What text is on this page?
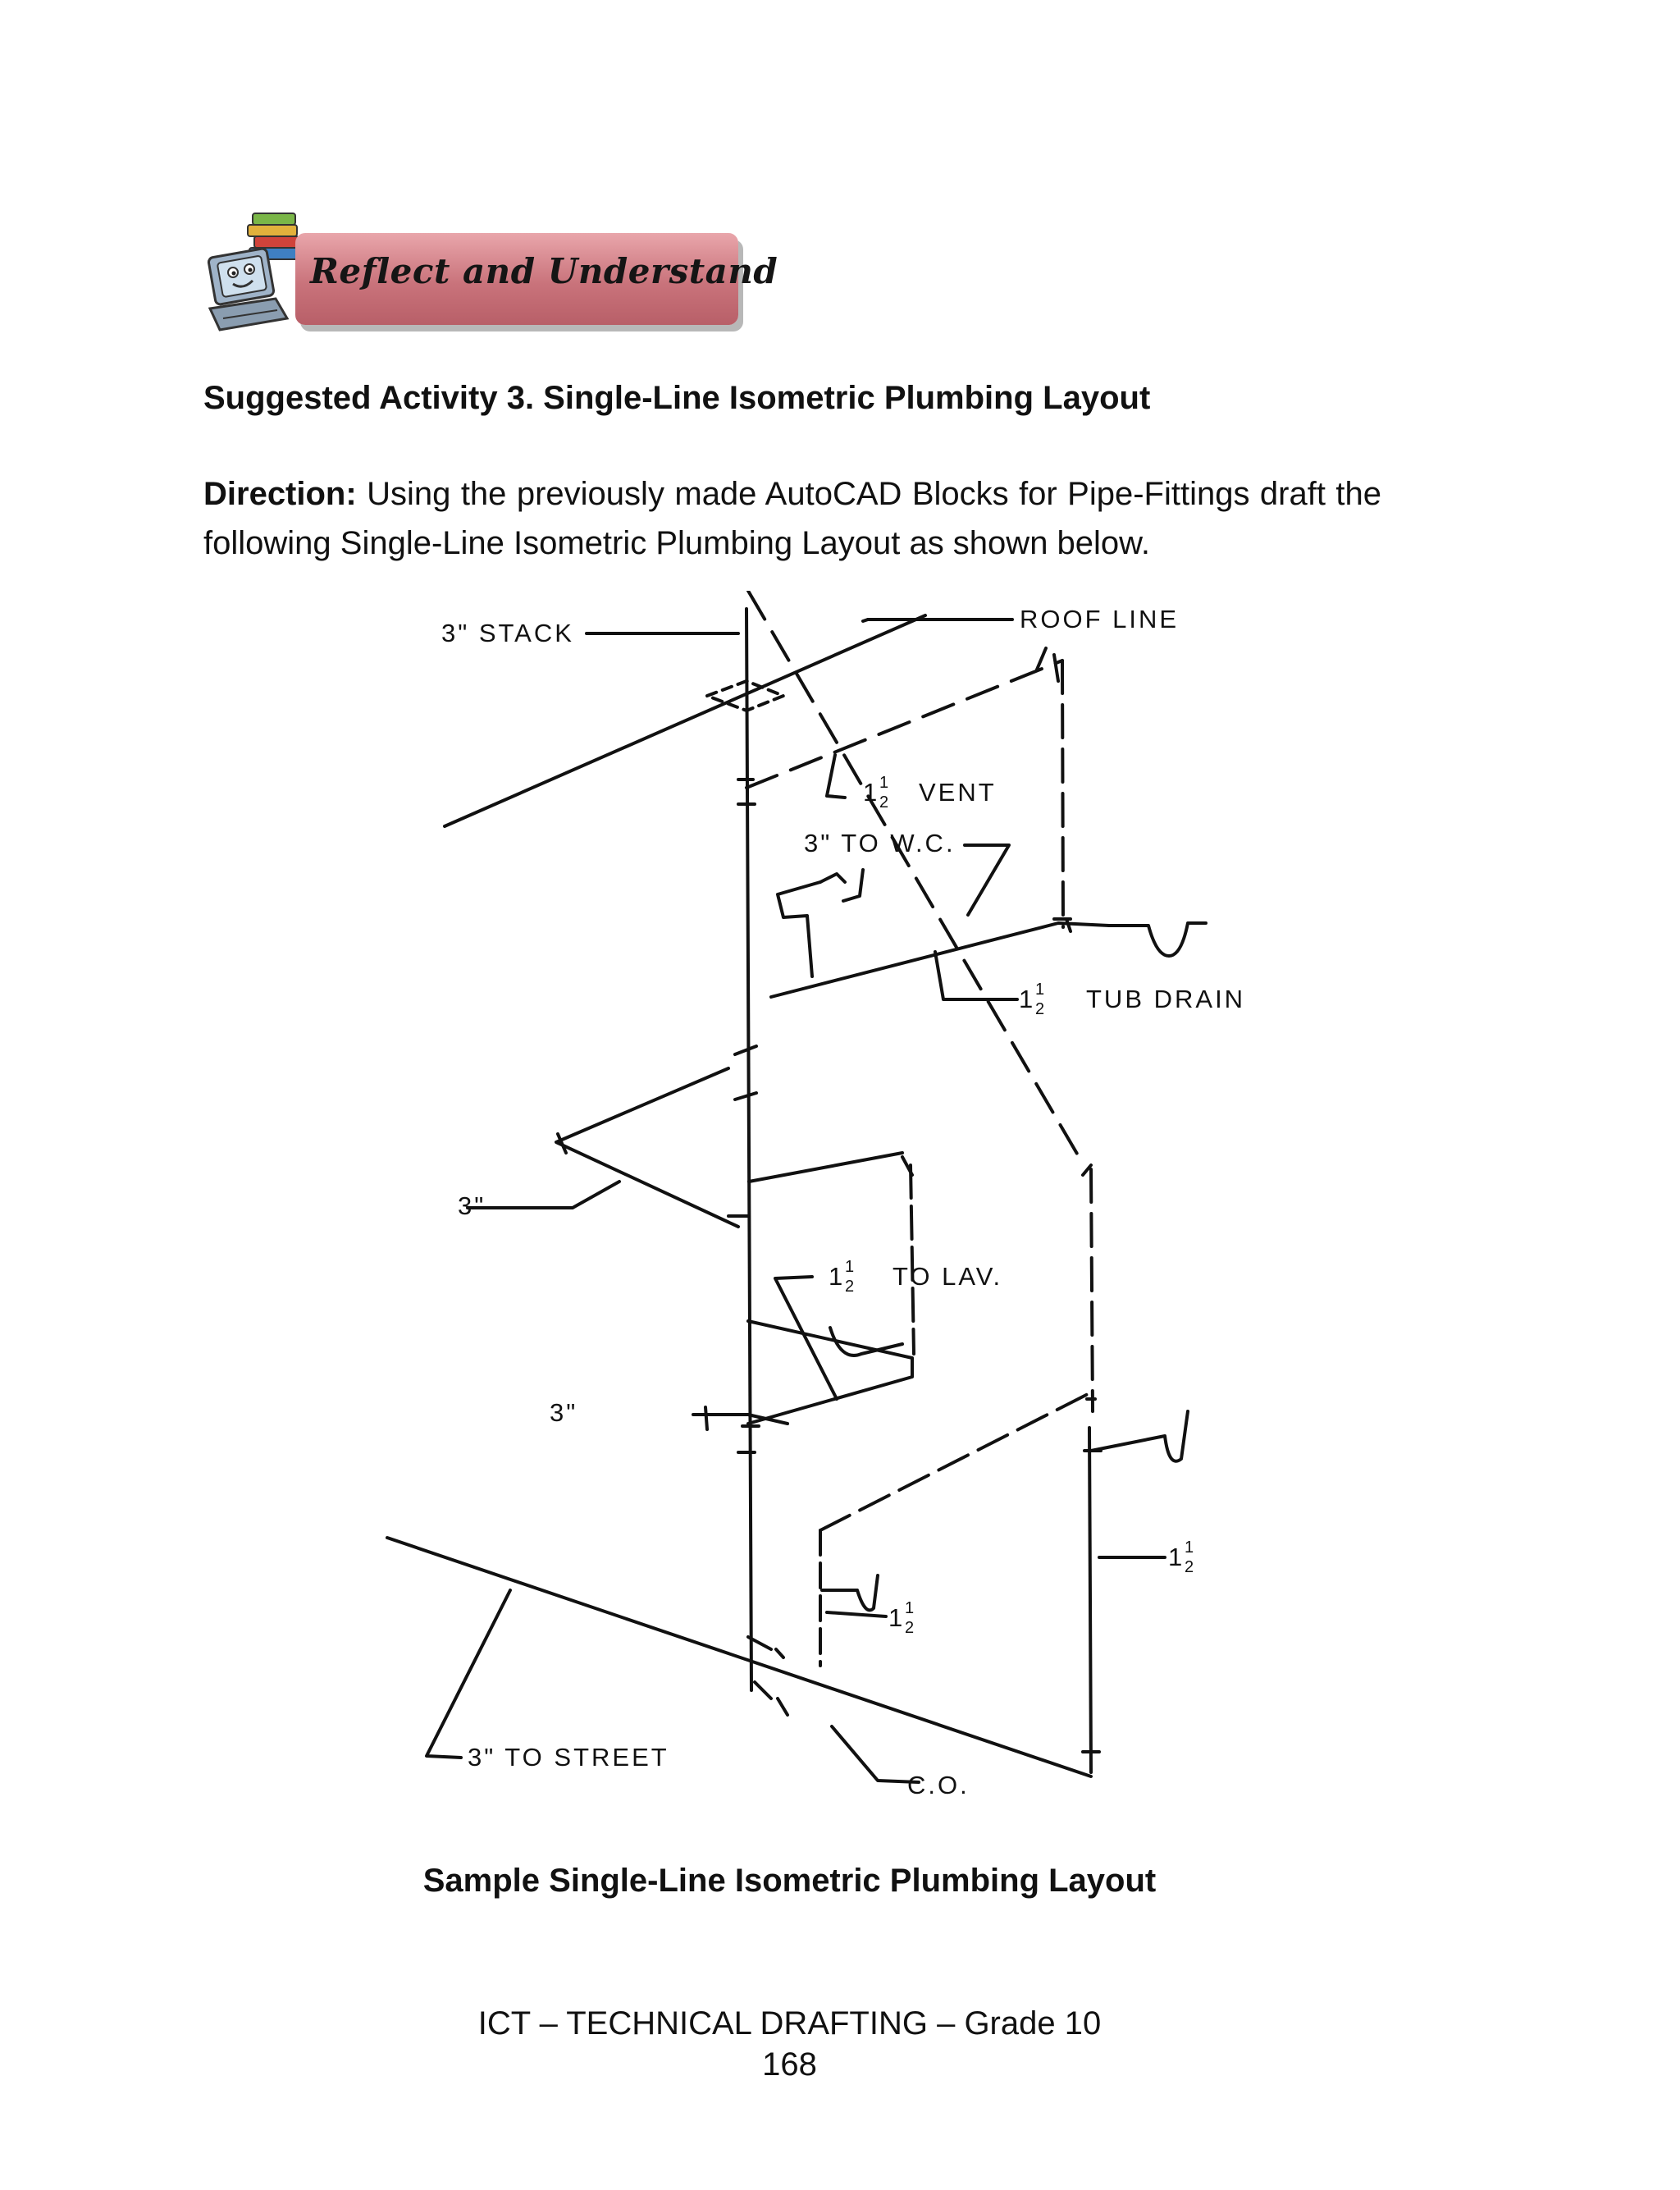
Reflect and Understand
Suggested Activity 3. Single-Line Isometric Plumbing Layout
Direction: Using the previously made AutoCAD Blocks for Pipe-Fittings draft the following Single-Line Isometric Plumbing Layout as shown below.
3" STACK	ROOF LINE
1 1
2 VENT
3" TO W.C.
1 1
2 TUB DRAIN
3"
1 1
2 TO LAV.
3"
1 1
2
1 1
2
3" TO STREET
C.O.
Sample Single-Line Isometric Plumbing Layout
ICT – TECHNICAL DRAFTING – Grade 10
168
